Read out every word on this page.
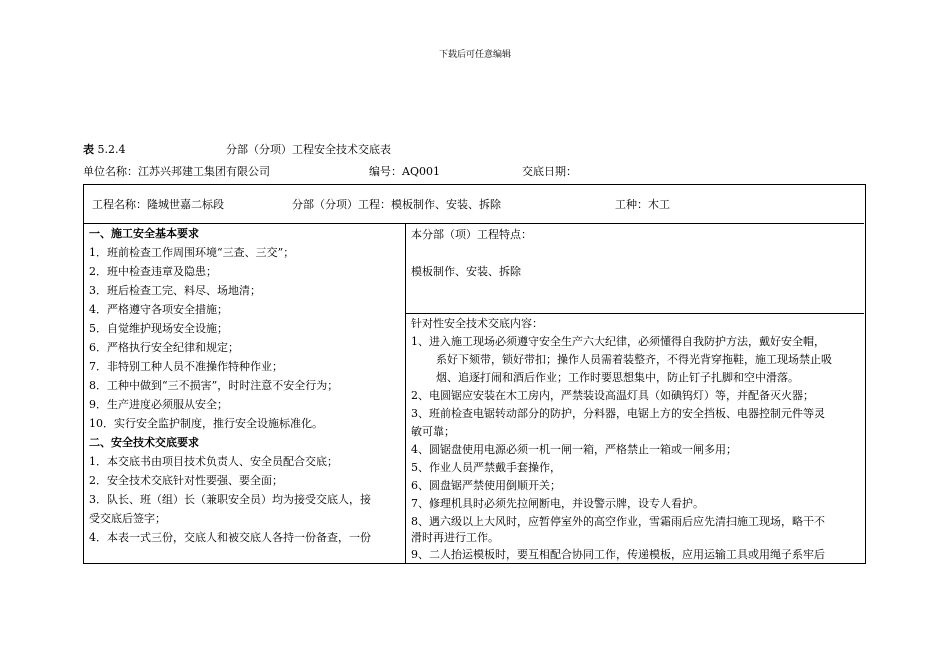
下载后可任意编辑
表 5.2.4	分部（分项）工程安全技术交底表
单位名称：江苏兴邦建工集团有限公司	编号：AQ001	交底日期：
工程名称：隆城世嘉二标段	分部（分项）工程：模板制作、安装、拆除	工种：木工
一、施工安全基本要求
1．班前检查工作周围环境“三查、三交”；
2．班中检查违章及隐患；
3．班后检查工完、料尽、场地清；
4．严格遵守各项安全措施；
5．自觉维护现场安全设施；
6．严格执行安全纪律和规定；
7．非特别工种人员不准操作特种作业；
8．工种中做到“三不损害”，时时注意不安全行为；
9．生产进度必须服从安全；
10．实行安全监护制度，推行安全设施标准化。
二、安全技术交底要求
1．本交底书由项目技术负责人、安全员配合交底；
2．安全技术交底针对性要强、要全面；
3．队长、班（组）长（兼职安全员）均为接受交底人，接
受交底后签字；
4．本表一式三份，交底人和被交底人各持一份备查，一份
本分部（项）工程特点：
模板制作、安装、拆除
针对性安全技术交底内容：
1、进入施工现场必须遵守安全生产六大纪律，必须懂得自我防护方法，戴好安全帽，
系好下颏带，锁好带扣；操作人员需着装整齐，不得光背穿拖鞋，施工现场禁止吸
烟、追逐打闹和酒后作业；工作时要思想集中，防止钉子扎脚和空中滑落。
2、电圆锯应安装在木工房内，严禁装设高温灯具（如碘钨灯）等，并配备灭火器；
3、班前检查电锯转动部分的防护，分料器，电锯上方的安全挡板、电器控制元件等灵
敏可靠；
4、圆锯盘使用电源必须一机一闸一箱，严格禁止一箱或一闸多用；
5、作业人员严禁戴手套操作，
6、圆盘锯严禁使用倒顺开关；
7、修理机具时必须先拉闸断电，并设警示牌，设专人看护。
8、遇六级以上大风时，应暂停室外的高空作业，雪霜雨后应先清扫施工现场，略干不
滑时再进行工作。
9、二人抬运模板时，要互相配合协同工作，传递模板，应用运输工具或用绳子系牢后
